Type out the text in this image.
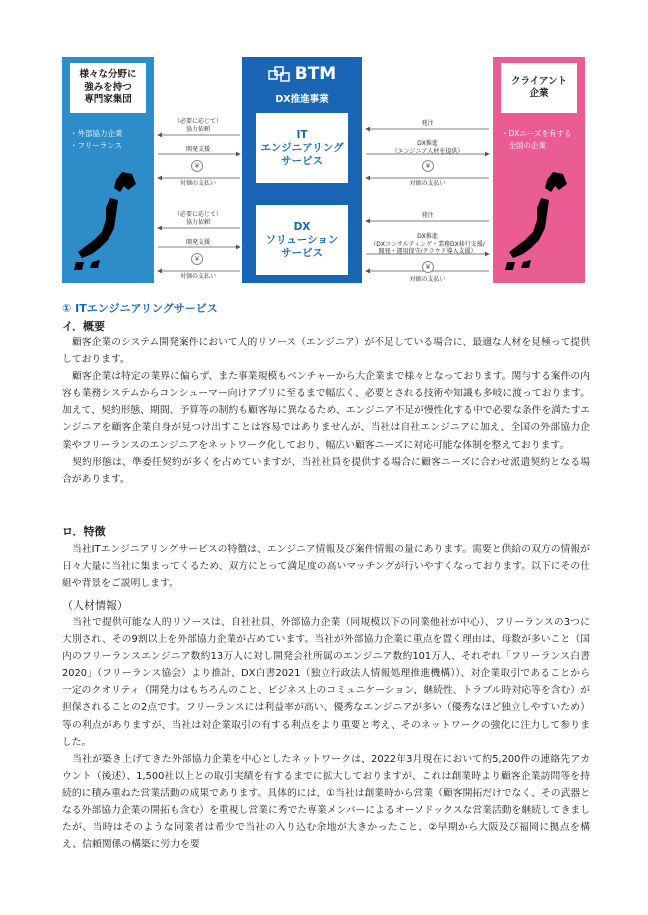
様々な分野に
強みを持つ
専門家集団
・外部協力企業
・フリーランス
BTM
DX推進事業
IT
エンジニアリング
サービス
DX
ソリューション
サービス
クライアント
企業
・DXニーズを有する
　全国の企業
（必要に応じて）
協力依頼
開発支援
¥
対価の支払い
（必要に応じて）
協力依頼
開発支援
¥
対価の支払い
発注
DX推進
（エンジニア人材を提供）
¥
対価の支払い
発注
DX推進
（DXコンサルティング・業務DX移行支援/
開発・運用保守/クラウド導入支援）
¥
対価の支払い
① ITエンジニアリングサービス
イ．概要

顧客企業のシステム開発案件において人的リソース（エンジニア）が不足している場合に、最適な人材を見極って提供しております。

顧客企業は特定の業界に偏らず、また事業規模もベンチャーから大企業まで様々となっております。関与する案件の内容も業務システムからコンシューマー向けアプリに至るまで幅広く、必要とされる技術や知識も多岐に渡っております。加えて、契約形態、期間、予算等の制約も顧客毎に異なるため、エンジニア不足が慢性化する中で必要な条件を満たすエンジニアを顧客企業自身が見つけ出すことは容易ではありませんが、当社は自社エンジニアに加え、全国の外部協力企業やフリーランスのエンジニアをネットワーク化しており、幅広い顧客ニーズに対応可能な体制を整えております。

契約形態は、準委任契約が多くを占めていますが、当社社員を提供する場合に顧客ニーズに合わせ派遣契約となる場合があります。

ロ．特徴

当社ITエンジニアリングサービスの特徴は、エンジニア情報及び案件情報の量にあります。需要と供給の双方の情報が日々大量に当社に集まってくるため、双方にとって満足度の高いマッチングが行いやすくなっております。以下にその仕組や背景をご説明します。

（人材情報）

当社で提供可能な人的リソースは、自社社員、外部協力企業（同規模以下の同業他社が中心）、フリーランスの3つに大別され、その9割以上を外部協力企業が占めています。当社が外部協力企業に重点を置く理由は、母数が多いこと（国内のフリーランスエンジニア数約13万人に対し開発会社所属のエンジニア数約101万人、それぞれ「フリーランス白書2020」（フリーランス協会）より推計、DX白書2021（独立行政法人情報処理推進機構））、対企業取引であることから一定のクオリティ（開発力はもちろんのこと、ビジネス上のコミュニケーション、継続性、トラブル時対応等を含む）が担保されることの2点です。フリーランスには利益率が高い、優秀なエンジニアが多い（優秀なほど独立しやすいため）等の利点がありますが、当社は対企業取引の有する利点をより重要と考え、そのネットワークの強化に注力して参りました。

当社が築き上げてきた外部協力企業を中心としたネットワークは、2022年3月現在において約5,200件の連絡先アカウント（後述）、1,500社以上との取引実績を有するまでに拡大しておりますが、これは創業時より顧客企業訪問等を持続的に積み重ねた営業活動の成果であります。具体的には、①当社は創業時から営業（顧客開拓だけでなく、その武器となる外部協力企業の開拓も含む）を重視し営業に秀でた専業メンバーによるオーソドックスな営業活動を継続してきましたが、当時はそのような同業者は希少で当社の入り込む余地が大きかったこと、②早期から大阪及び福岡に拠点を構え、信頼関係の構築に労力を要
